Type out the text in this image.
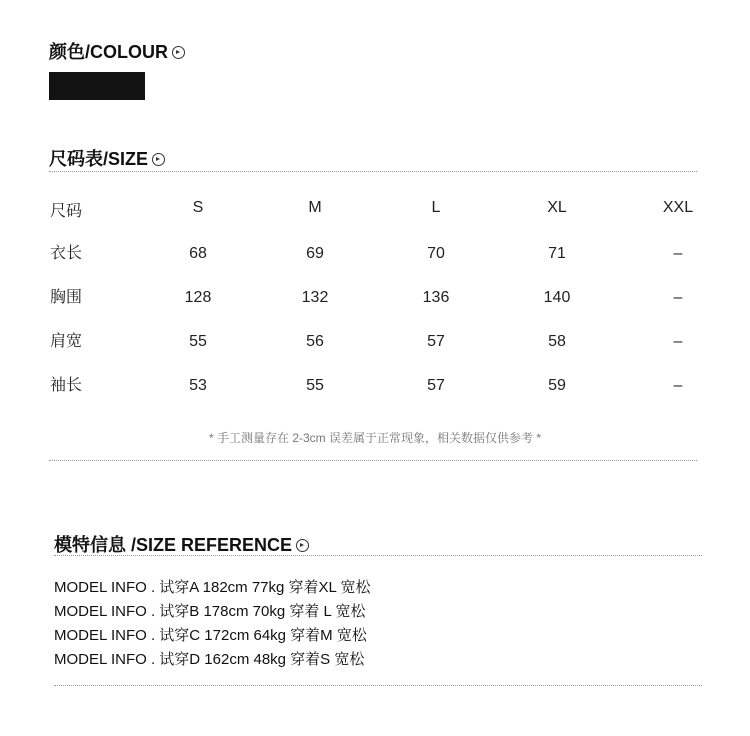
颜色/COLOUR
尺码表/SIZE
尺码	S	M	L	XL	XXL
衣长	68	69	70	71	–
胸围	128	132	136	140	–
肩宽	55	56	57	58	–
袖长	53	55	57	59	–
* 手工测量存在 2-3cm 误差属于正常现象，相关数据仅供参考 *
模特信息 /SIZE REFERENCE
MODEL INFO . 试穿A 182cm 77kg 穿着XL 宽松
MODEL INFO . 试穿B 178cm 70kg 穿着 L 宽松
MODEL INFO . 试穿C 172cm 64kg 穿着M 宽松
MODEL INFO . 试穿D 162cm 48kg 穿着S 宽松
